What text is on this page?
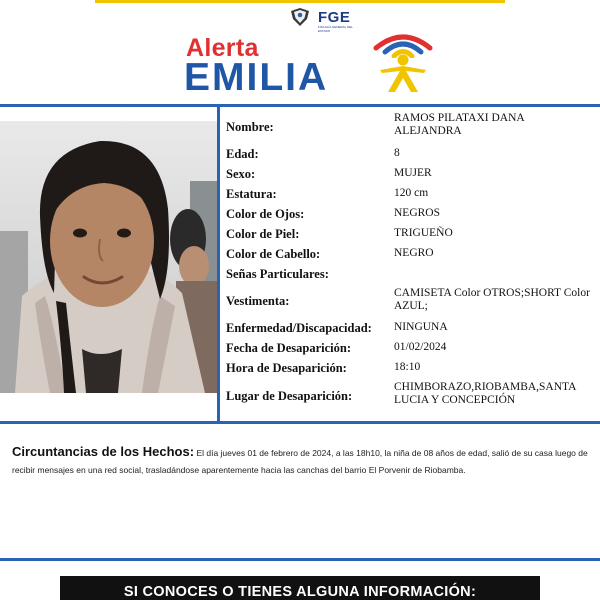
FGE
FISCALÍA GENERAL DEL ESTADO
Alerta
EMILIA
Nombre:
RAMOS PILATAXI DANA ALEJANDRA
Edad:	8
Sexo:	MUJER
Estatura:	120 cm
Color de Ojos:	NEGROS
Color de Piel:	TRIGUEÑO
Color de Cabello:	NEGRO
Señas Particulares:
Vestimenta:
CAMISETA Color OTROS;SHORT Color AZUL;
Enfermedad/Discapacidad: NINGUNA
Fecha de Desaparición:	01/02/2024
Hora de Desaparición:	18:10
Lugar de Desaparición:
CHIMBORAZO,RIOBAMBA,SANTA LUCIA Y CONCEPCIÓN
Circuntancias de los Hechos: El día jueves 01 de febrero de 2024, a las 18h10, la niña de 08 años de edad, salió de su casa luego de recibir mensajes en una red social, trasladándose aparentemente hacia las canchas del barrio El Porvenir de Riobamba.
SI CONOCES O TIENES ALGUNA INFORMACIÓN:
